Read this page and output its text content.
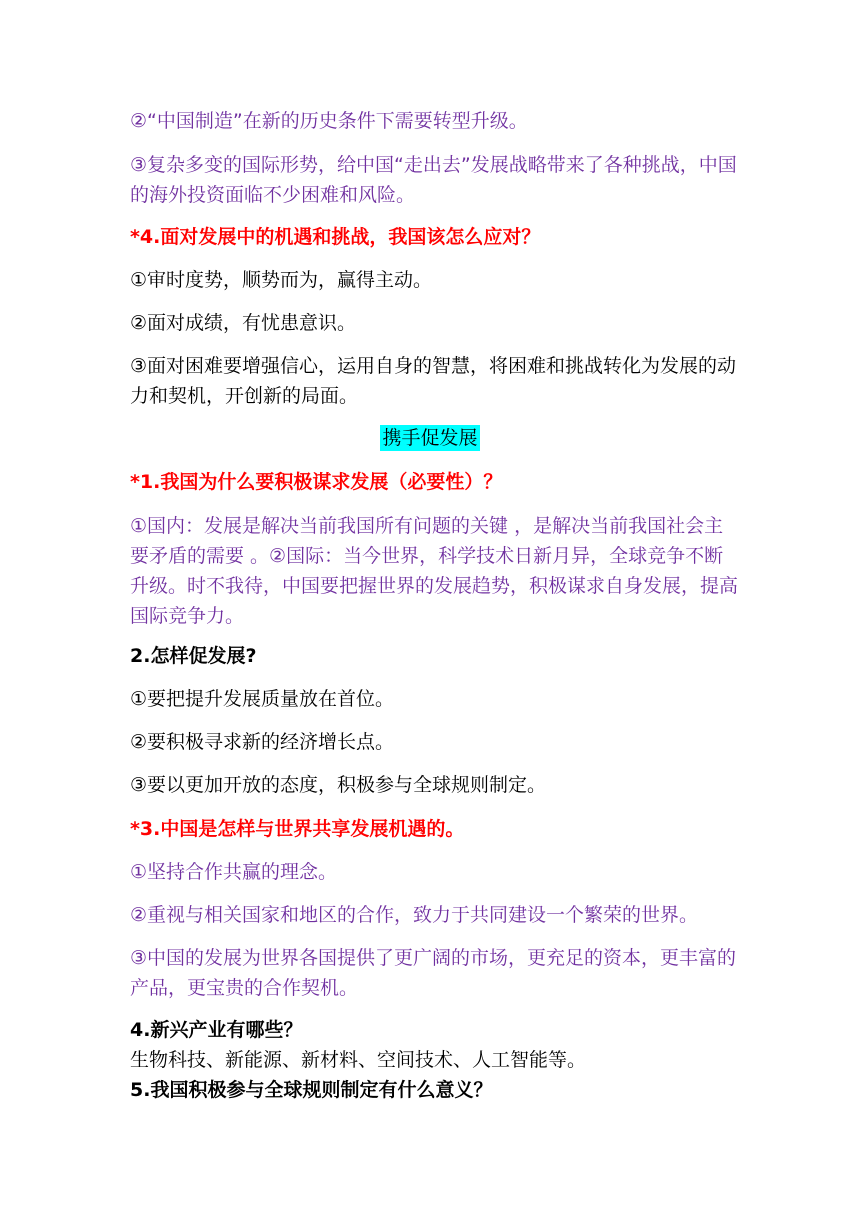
②“中国制造”在新的历史条件下需要转型升级。

③复杂多变的国际形势，给中国“走出去”发展战略带来了各种挑战，中国的海外投资面临不少困难和风险。

*4.面对发展中的机遇和挑战，我国该怎么应对？

①审时度势，顺势而为，赢得主动。

②面对成绩，有忧患意识。

③面对困难要增强信心，运用自身的智慧，将困难和挑战转化为发展的动力和契机，开创新的局面。

携手促发展

*1.我国为什么要积极谋求发展（必要性）？

①国内：发展是解决当前我国所有问题的关键 ，是解决当前我国社会主要矛盾的需要 。②国际：当今世界，科学技术日新月异，全球竞争不断升级。时不我待，中国要把握世界的发展趋势，积极谋求自身发展，提高国际竞争力。

2.怎样促发展?

①要把提升发展质量放在首位。

②要积极寻求新的经济增长点。

③要以更加开放的态度，积极参与全球规则制定。

*3.中国是怎样与世界共享发展机遇的。

①坚持合作共赢的理念。

②重视与相关国家和地区的合作，致力于共同建设一个繁荣的世界。

③中国的发展为世界各国提供了更广阔的市场，更充足的资本，更丰富的产品，更宝贵的合作契机。

4.新兴产业有哪些？

生物科技、新能源、新材料、空间技术、人工智能等。

5.我国积极参与全球规则制定有什么意义？
